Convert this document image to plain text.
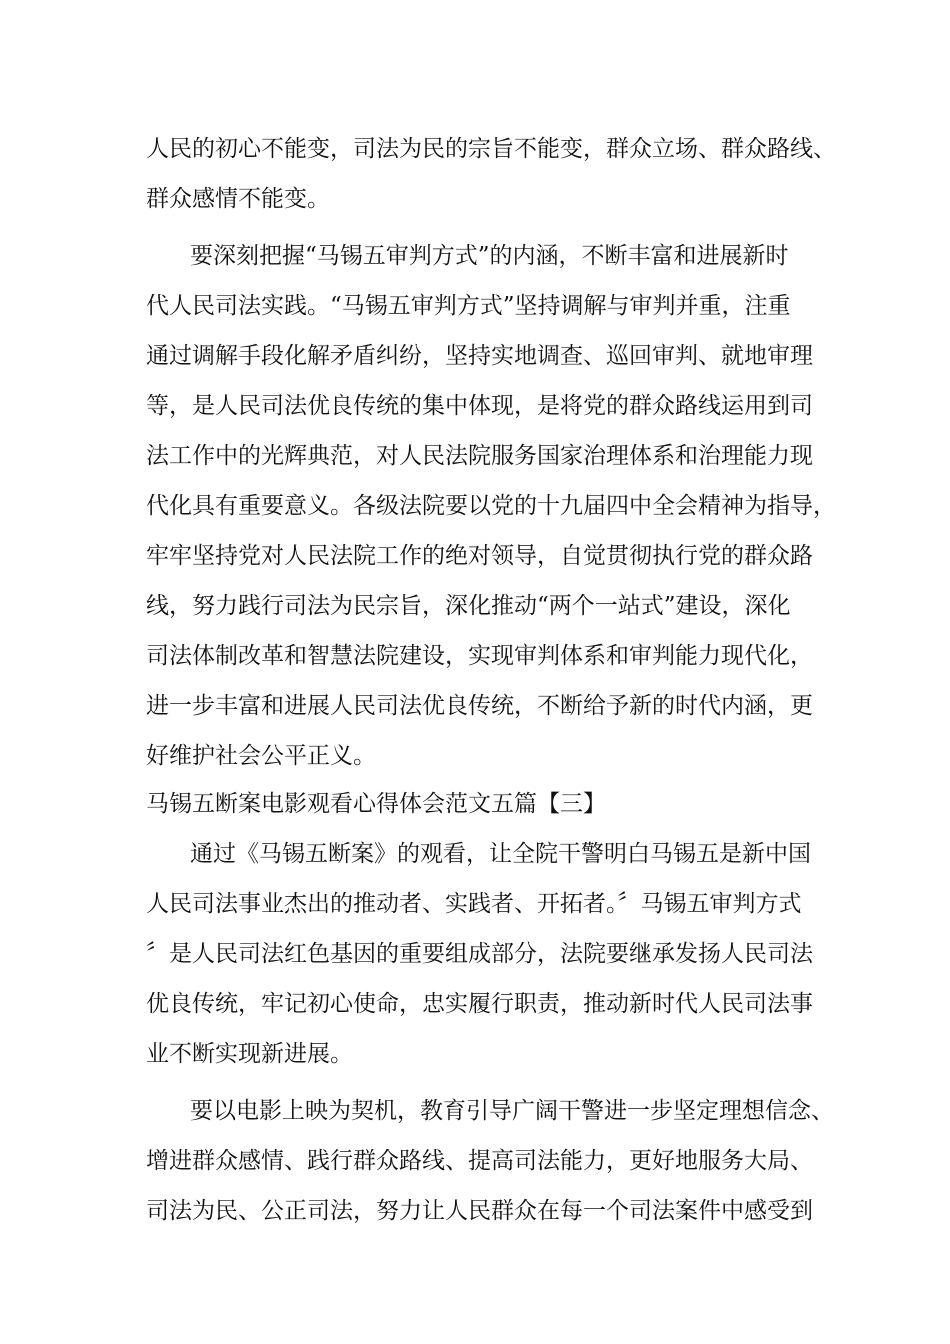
人民的初心不能变，司法为民的宗旨不能变，群众立场、群众路线、
群众感情不能变。
要深刻把握“马锡五审判方式”的内涵，不断丰富和进展新时
代人民司法实践。“马锡五审判方式”坚持调解与审判并重，注重
通过调解手段化解矛盾纠纷，坚持实地调查、巡回审判、就地审理
等，是人民司法优良传统的集中体现，是将党的群众路线运用到司
法工作中的光辉典范，对人民法院服务国家治理体系和治理能力现
代化具有重要意义。各级法院要以党的十九届四中全会精神为指导，
牢牢坚持党对人民法院工作的绝对领导，自觉贯彻执行党的群众路
线，努力践行司法为民宗旨，深化推动“两个一站式”建设，深化
司法体制改革和智慧法院建设，实现审判体系和审判能力现代化，
进一步丰富和进展人民司法优良传统，不断给予新的时代内涵，更
好维护社会公平正义。
马锡五断案电影观看心得体会范文五篇【三】
通过《马锡五断案》的观看，让全院干警明白马锡五是新中国
人民司法事业杰出的推动者、实践者、开拓者。〞马锡五审判方式
〞是人民司法红色基因的重要组成部分，法院要继承发扬人民司法
优良传统，牢记初心使命，忠实履行职责，推动新时代人民司法事
业不断实现新进展。
要以电影上映为契机，教育引导广阔干警进一步坚定理想信念、
增进群众感情、践行群众路线、提高司法能力，更好地服务大局、
司法为民、公正司法，努力让人民群众在每一个司法案件中感受到
